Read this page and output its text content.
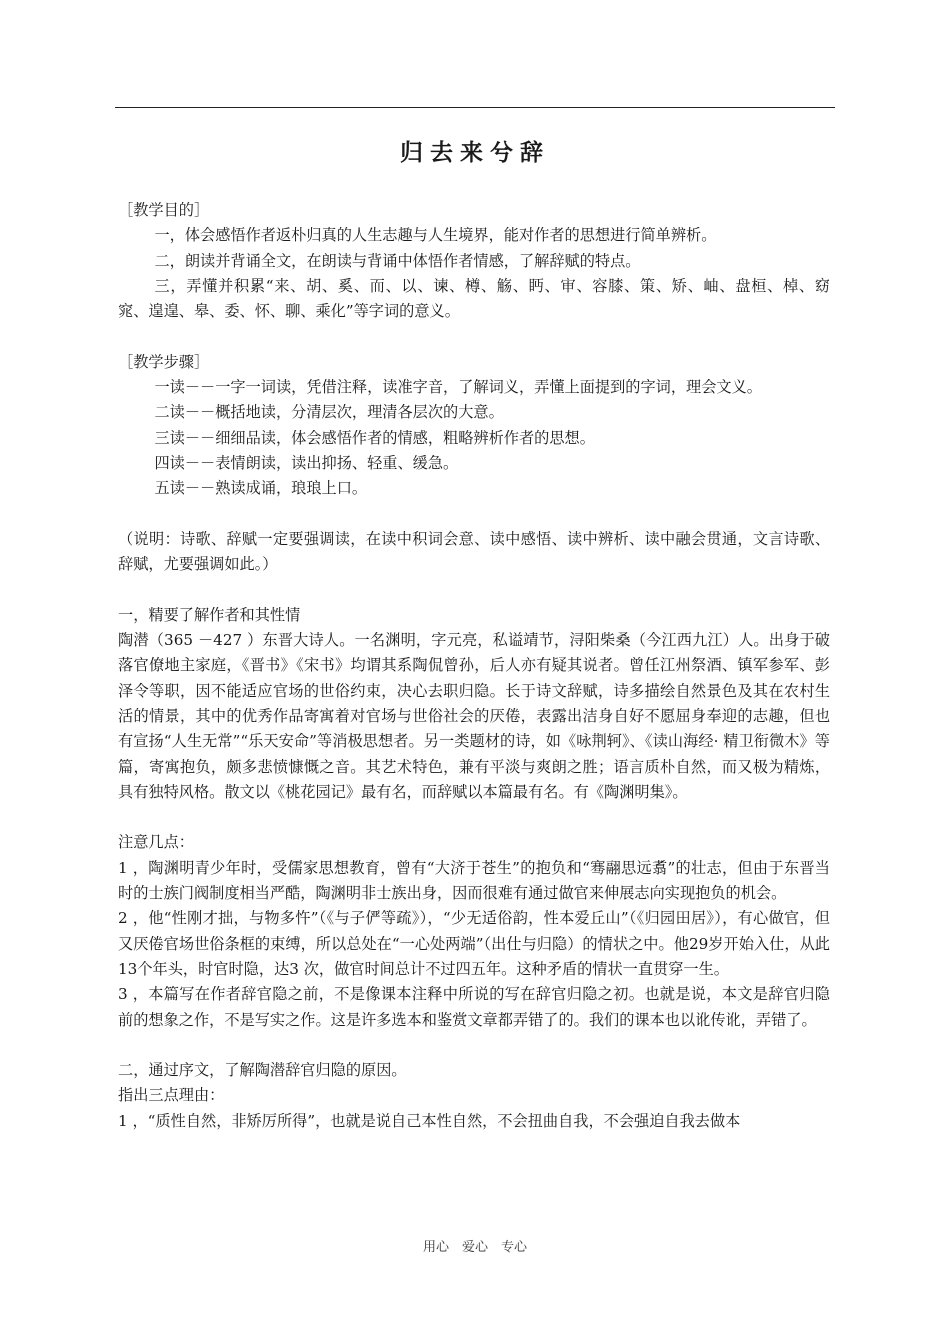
归去来兮辞

［教学目的］

一，体会感悟作者返朴归真的人生志趣与人生境界，能对作者的思想进行简单辨析。

二，朗读并背诵全文，在朗读与背诵中体悟作者情感，了解辞赋的特点。

三，弄懂并积累“来、胡、奚、而、以、谏、樽、觞、眄、审、容膝、策、矫、岫、盘桓、棹、窈窕、遑遑、皋、委、怀、聊、乘化”等字词的意义。

［教学步骤］

一读－－一字一词读，凭借注释，读准字音，了解词义，弄懂上面提到的字词，理会文义。

二读－－概括地读，分清层次，理清各层次的大意。

三读－－细细品读，体会感悟作者的情感，粗略辨析作者的思想。

四读－－表情朗读，读出抑扬、轻重、缓急。

五读－－熟读成诵，琅琅上口。

（说明：诗歌、辞赋一定要强调读，在读中积词会意、读中感悟、读中辨析、读中融会贯通，文言诗歌、辞赋，尤要强调如此。）

一，精要了解作者和其性情

陶潜（365 －427 ）东晋大诗人。一名渊明，字元亮，私谥靖节，浔阳柴桑（今江西九江）人。出身于破落官僚地主家庭，《晋书》《宋书》均谓其系陶侃曾孙，后人亦有疑其说者。曾任江州祭酒、镇军参军、彭泽令等职，因不能适应官场的世俗约束，决心去职归隐。长于诗文辞赋，诗多描绘自然景色及其在农村生活的情景，其中的优秀作品寄寓着对官场与世俗社会的厌倦，表露出洁身自好不愿屈身奉迎的志趣，但也有宣扬“人生无常”“乐天安命”等消极思想者。另一类题材的诗，如《咏荆轲》、《读山海经· 精卫衔微木》等篇，寄寓抱负，颇多悲愤慷慨之音。其艺术特色，兼有平淡与爽朗之胜；语言质朴自然，而又极为精炼，具有独特风格。散文以《桃花园记》最有名，而辞赋以本篇最有名。有《陶渊明集》。

注意几点：

1 ，陶渊明青少年时，受儒家思想教育，曾有“大济于苍生”的抱负和“骞翮思远翥”的壮志，但由于东晋当时的士族门阀制度相当严酷，陶渊明非士族出身，因而很难有通过做官来伸展志向实现抱负的机会。

2 ，他“性刚才拙，与物多忤”（《与子俨等疏》），“少无适俗韵，性本爱丘山”（《归园田居》），有心做官，但又厌倦官场世俗条框的束缚，所以总处在“一心处两端”（出仕与归隐）的情状之中。他29岁开始入仕，从此13个年头，时官时隐，达3 次，做官时间总计不过四五年。这种矛盾的情状一直贯穿一生。

3 ，本篇写在作者辞官隐之前，不是像课本注释中所说的写在辞官归隐之初。也就是说，本文是辞官归隐前的想象之作，不是写实之作。这是许多选本和鉴赏文章都弄错了的。我们的课本也以讹传讹，弄错了。

二，通过序文，了解陶潜辞官归隐的原因。

指出三点理由：

1 ，“质性自然，非矫厉所得”，也就是说自己本性自然，不会扭曲自我，不会强迫自我去做本

用心　爱心　专心
